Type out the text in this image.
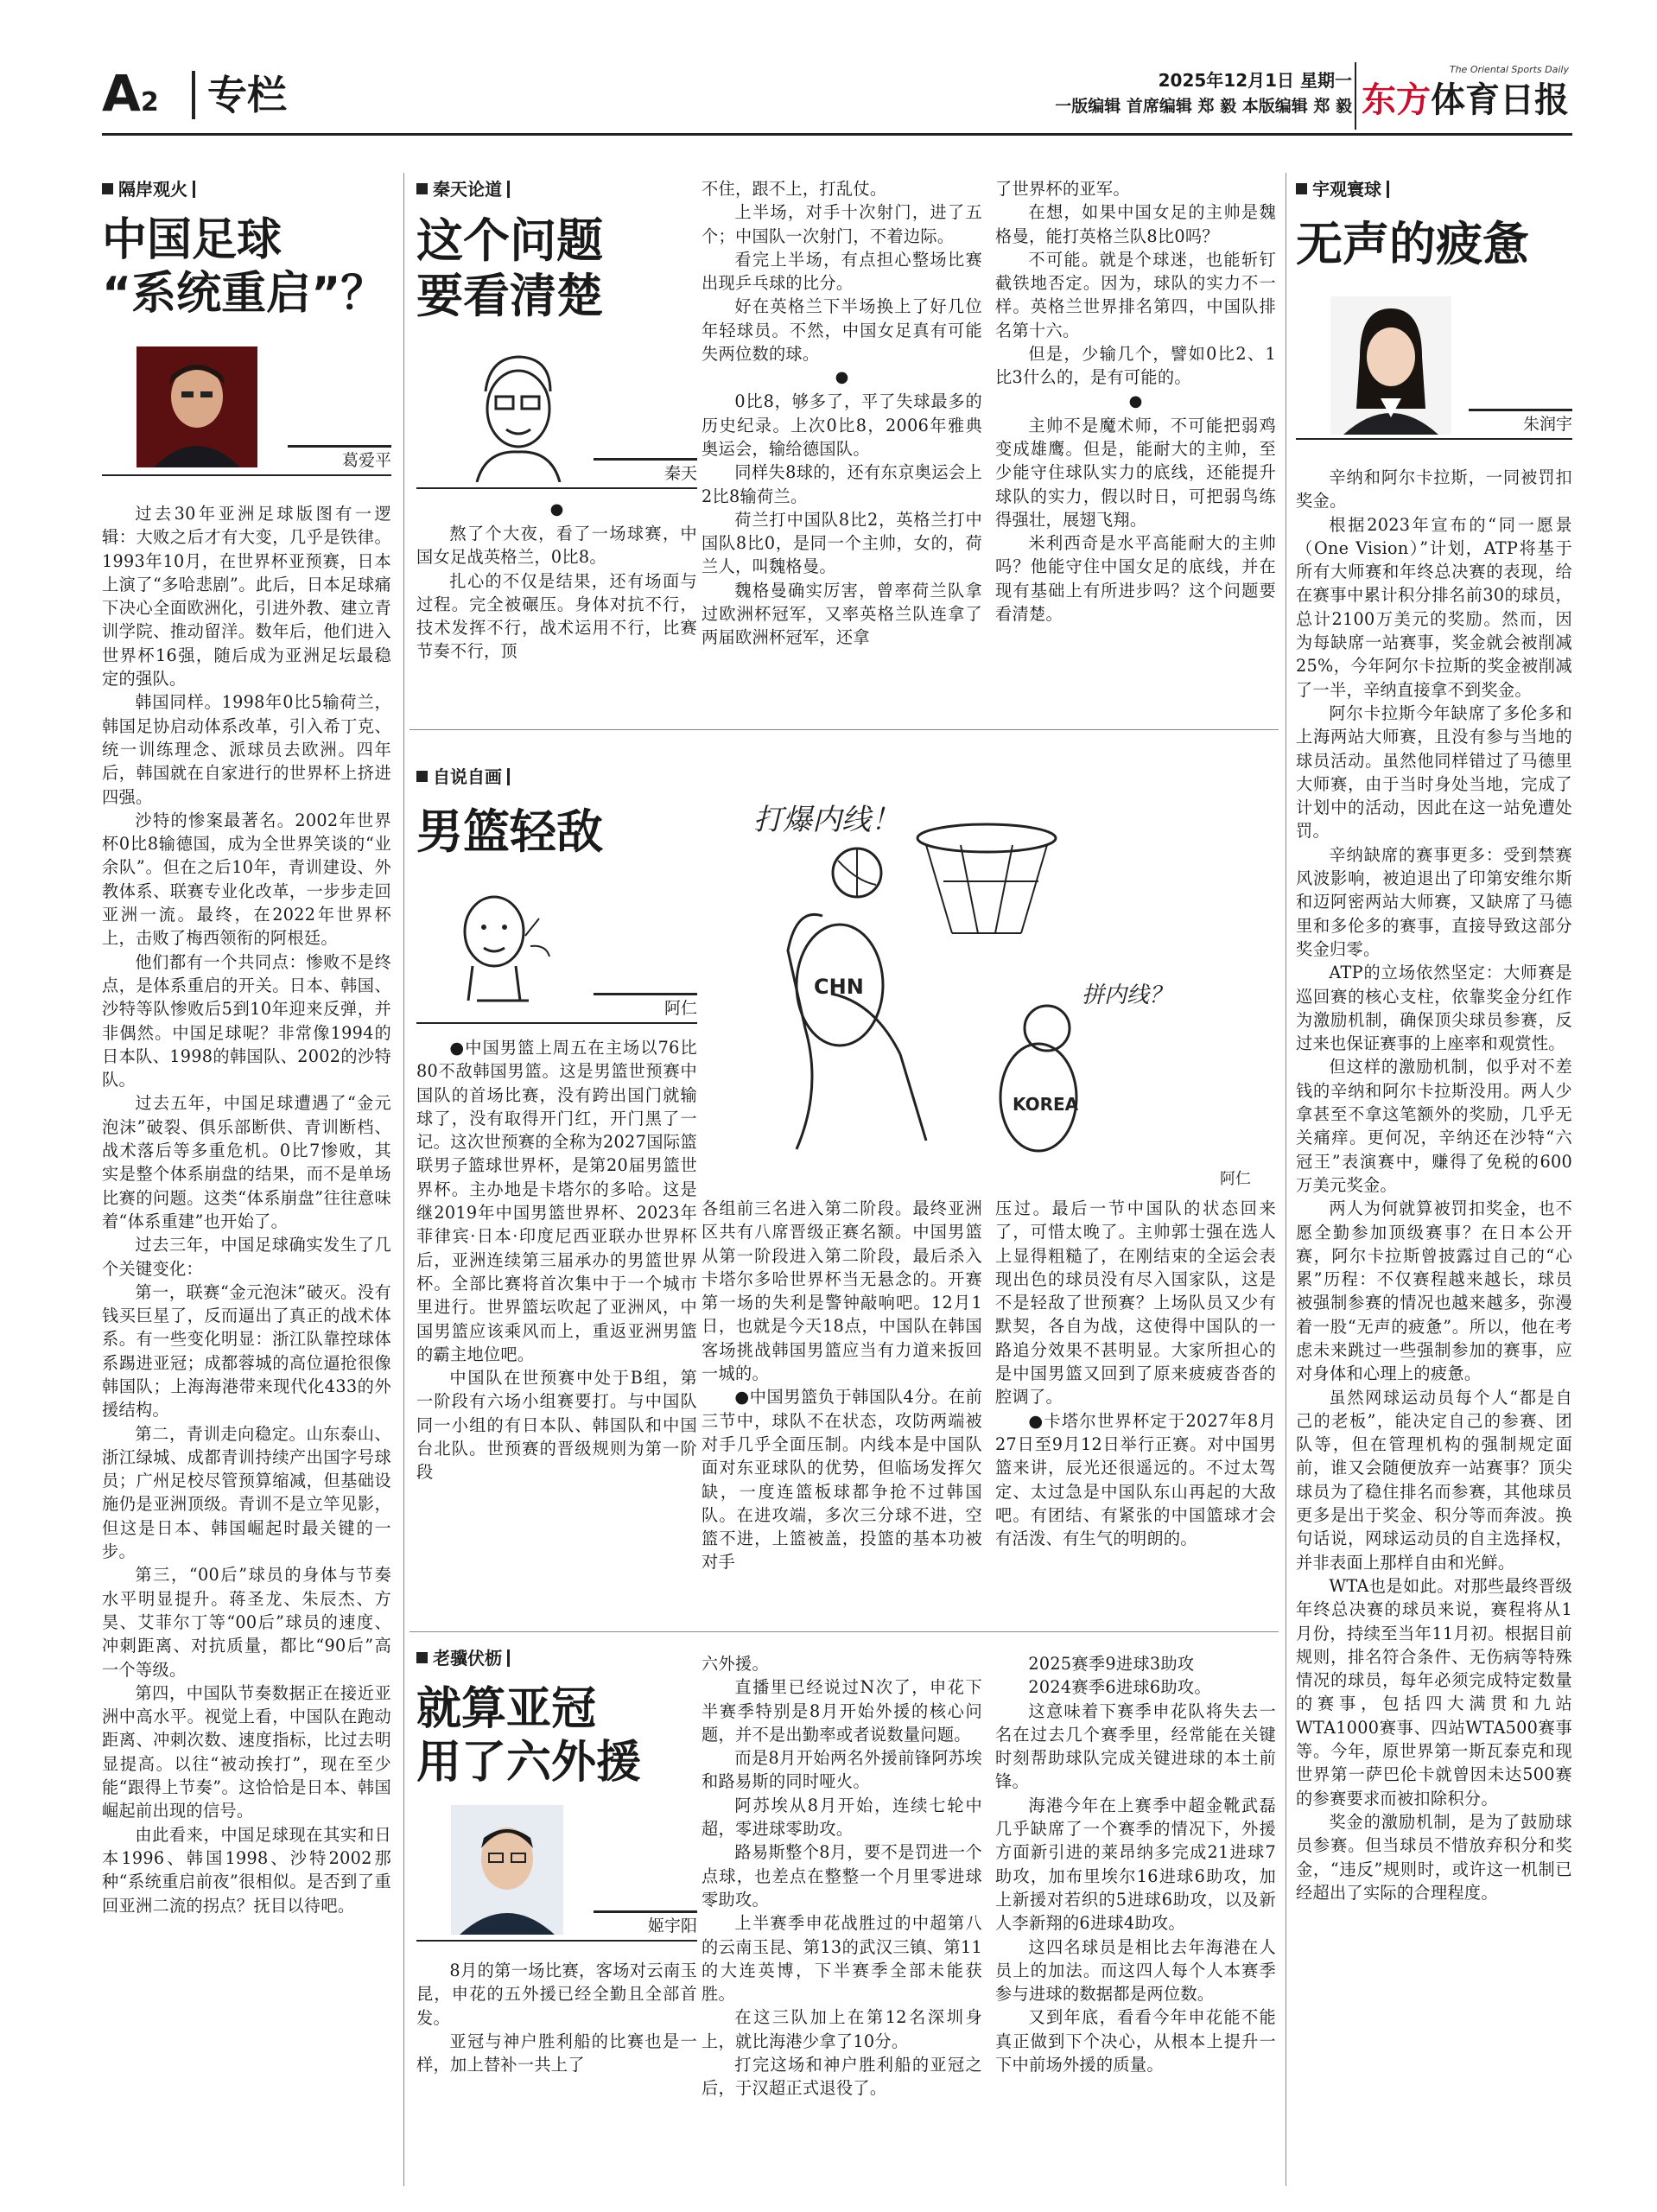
A2	专栏	2025年12月1日 星期一
一版编辑 首席编辑 郑 毅 本版编辑 郑 毅
The Oriental Sports Daily
东方体育日报
隔岸观火
中国足球
“系统重启”？
葛爱平

过去30年亚洲足球版图有一逻辑：大败之后才有大变，几乎是铁律。1993年10月，在世界杯亚预赛，日本上演了“多哈悲剧”。此后，日本足球痛下决心全面欧洲化，引进外教、建立青训学院、推动留洋。数年后，他们进入世界杯16强，随后成为亚洲足坛最稳定的强队。

韩国同样。1998年0比5输荷兰，韩国足协启动体系改革，引入希丁克、统一训练理念、派球员去欧洲。四年后，韩国就在自家进行的世界杯上挤进四强。

沙特的惨案最著名。2002年世界杯0比8输德国，成为全世界笑谈的“业余队”。但在之后10年，青训建设、外教体系、联赛专业化改革，一步步走回亚洲一流。最终，在2022年世界杯上，击败了梅西领衔的阿根廷。

他们都有一个共同点：惨败不是终点，是体系重启的开关。日本、韩国、沙特等队惨败后5到10年迎来反弹，并非偶然。中国足球呢？非常像1994的日本队、1998的韩国队、2002的沙特队。

过去五年，中国足球遭遇了“金元泡沫”破裂、俱乐部断供、青训断档、战术落后等多重危机。0比7惨败，其实是整个体系崩盘的结果，而不是单场比赛的问题。这类“体系崩盘”往往意味着“体系重建”也开始了。

过去三年，中国足球确实发生了几个关键变化：

第一，联赛“金元泡沫”破灭。没有钱买巨星了，反而逼出了真正的战术体系。有一些变化明显：浙江队靠控球体系踢进亚冠；成都蓉城的高位逼抢很像韩国队；上海海港带来现代化433的外援结构。

第二，青训走向稳定。山东泰山、浙江绿城、成都青训持续产出国字号球员；广州足校尽管预算缩减，但基础设施仍是亚洲顶级。青训不是立竿见影，但这是日本、韩国崛起时最关键的一步。

第三，“00后”球员的身体与节奏水平明显提升。蒋圣龙、朱辰杰、方昊、艾菲尔丁等“00后”球员的速度、冲刺距离、对抗质量，都比“90后”高一个等级。

第四，中国队节奏数据正在接近亚洲中高水平。视觉上看，中国队在跑动距离、冲刺次数、速度指标，比过去明显提高。以往“被动挨打”，现在至少能“跟得上节奏”。这恰恰是日本、韩国崛起前出现的信号。

由此看来，中国足球现在其实和日本1996、韩国1998、沙特2002那种“系统重启前夜”很相似。是否到了重回亚洲二流的拐点？抚目以待吧。

秦天论道
这个问题
要看清楚
秦天
●

熬了个大夜，看了一场球赛，中国女足战英格兰，0比8。

扎心的不仅是结果，还有场面与过程。完全被碾压。身体对抗不行，技术发挥不行，战术运用不行，比赛节奏不行，顶

不住，跟不上，打乱仗。

上半场，对手十次射门，进了五个；中国队一次射门，不着边际。

看完上半场，有点担心整场比赛出现乒乓球的比分。

好在英格兰下半场换上了好几位年轻球员。不然，中国女足真有可能失两位数的球。

●

0比8，够多了，平了失球最多的历史纪录。上次0比8，2006年雅典奥运会，输给德国队。

同样失8球的，还有东京奥运会上2比8输荷兰。

荷兰打中国队8比2，英格兰打中国队8比0，是同一个主帅，女的，荷兰人，叫魏格曼。

魏格曼确实厉害，曾率荷兰队拿过欧洲杯冠军，又率英格兰队连拿了两届欧洲杯冠军，还拿

了世界杯的亚军。

在想，如果中国女足的主帅是魏格曼，能打英格兰队8比0吗？

不可能。就是个球迷，也能斩钉截铁地否定。因为，球队的实力不一样。英格兰世界排名第四，中国队排名第十六。

但是，少输几个，譬如0比2、1比3什么的，是有可能的。

●

主帅不是魔术师，不可能把弱鸡变成雄鹰。但是，能耐大的主帅，至少能守住球队实力的底线，还能提升球队的实力，假以时日，可把弱鸟练得强壮，展翅飞翔。

米利西奇是水平高能耐大的主帅吗？他能守住中国女足的底线，并在现有基础上有所进步吗？这个问题要看清楚。

自说自画
男篮轻敌
阿仁

●中国男篮上周五在主场以76比80不敌韩国男篮。这是男篮世预赛中国队的首场比赛，没有跨出国门就输球了，没有取得开门红，开门黑了一记。这次世预赛的全称为2027国际篮联男子篮球世界杯，是第20届男篮世界杯。主办地是卡塔尔的多哈。这是继2019年中国男篮世界杯、2023年菲律宾·日本·印度尼西亚联办世界杯后，亚洲连续第三届承办的男篮世界杯。全部比赛将首次集中于一个城市里进行。世界篮坛吹起了亚洲风，中国男篮应该乘风而上，重返亚洲男篮的霸主地位吧。

中国队在世预赛中处于B组，第一阶段有六场小组赛要打。与中国队同一小组的有日本队、韩国队和中国台北队。世预赛的晋级规则为第一阶段

打爆内线！
CHN
KOREA
拼内线？
阿仁

各组前三名进入第二阶段。最终亚洲区共有八席晋级正赛名额。中国男篮从第一阶段进入第二阶段，最后杀入卡塔尔多哈世界杯当无悬念的。开赛第一场的失利是警钟敲响吧。12月1日，也就是今天18点，中国队在韩国客场挑战韩国男篮应当有力道来扳回一城的。

●中国男篮负于韩国队4分。在前三节中，球队不在状态，攻防两端被对手几乎全面压制。内线本是中国队面对东亚球队的优势，但临场发挥欠缺，一度连篮板球都争抢不过韩国队。在进攻端，多次三分球不进，空篮不进，上篮被盖，投篮的基本功被对手

压过。最后一节中国队的状态回来了，可惜太晚了。主帅郭士强在选人上显得粗糙了，在刚结束的全运会表现出色的球员没有尽入国家队，这是不是轻敌了世预赛？上场队员又少有默契，各自为战，这使得中国队的一路追分效果不甚明显。大家所担心的是中国男篮又回到了原来疲疲沓沓的腔调了。

●卡塔尔世界杯定于2027年8月27日至9月12日举行正赛。对中国男篮来讲，辰光还很遥远的。不过太驾定、太过急是中国队东山再起的大敌吧。有团结、有紧张的中国篮球才会有活泼、有生气的明朗的。

老骥伏枥
就算亚冠
用了六外援
姬宇阳

8月的第一场比赛，客场对云南玉昆，申花的五外援已经全勤且全部首发。

亚冠与神户胜利船的比赛也是一样，加上替补一共上了

六外援。

直播里已经说过N次了，申花下半赛季特别是8月开始外援的核心问题，并不是出勤率或者说数量问题。

而是8月开始两名外援前锋阿苏埃和路易斯的同时哑火。

阿苏埃从8月开始，连续七轮中超，零进球零助攻。

路易斯整个8月，要不是罚进一个点球，也差点在整整一个月里零进球零助攻。

上半赛季申花战胜过的中超第八的云南玉昆、第13的武汉三镇、第11的大连英博，下半赛季全部未能获胜。

在这三队加上在第12名深圳身上，就比海港少拿了10分。

打完这场和神户胜利船的亚冠之后，于汉超正式退役了。

2025赛季9进球3助攻

2024赛季6进球6助攻。

这意味着下赛季申花队将失去一名在过去几个赛季里，经常能在关键时刻帮助球队完成关键进球的本土前锋。

海港今年在上赛季中超金靴武磊几乎缺席了一个赛季的情况下，外援方面新引进的莱昂纳多完成21进球7助攻，加布里埃尔16进球6助攻，加上新援对若织的5进球6助攻，以及新人李新翔的6进球4助攻。

这四名球员是相比去年海港在人员上的加法。而这四人每个人本赛季参与进球的数据都是两位数。

又到年底，看看今年申花能不能真正做到下个决心，从根本上提升一下中前场外援的质量。

宇观寰球
无声的疲惫
朱润宇

辛纳和阿尔卡拉斯，一同被罚扣奖金。

根据2023年宣布的“同一愿景（One Vision）”计划，ATP将基于所有大师赛和年终总决赛的表现，给在赛事中累计积分排名前30的球员，总计2100万美元的奖励。然而，因为每缺席一站赛事，奖金就会被削减25%，今年阿尔卡拉斯的奖金被削减了一半，辛纳直接拿不到奖金。

阿尔卡拉斯今年缺席了多伦多和上海两站大师赛，且没有参与当地的球员活动。虽然他同样错过了马德里大师赛，由于当时身处当地，完成了计划中的活动，因此在这一站免遭处罚。

辛纳缺席的赛事更多：受到禁赛风波影响，被迫退出了印第安维尔斯和迈阿密两站大师赛，又缺席了马德里和多伦多的赛事，直接导致这部分奖金归零。

ATP的立场依然坚定：大师赛是巡回赛的核心支柱，依靠奖金分红作为激励机制，确保顶尖球员参赛，反过来也保证赛事的上座率和观赏性。

但这样的激励机制，似乎对不差钱的辛纳和阿尔卡拉斯没用。两人少拿甚至不拿这笔额外的奖励，几乎无关痛痒。更何况，辛纳还在沙特“六冠王”表演赛中，赚得了免税的600万美元奖金。

两人为何就算被罚扣奖金，也不愿全勤参加顶级赛事？在日本公开赛，阿尔卡拉斯曾披露过自己的“心累”历程：不仅赛程越来越长，球员被强制参赛的情况也越来越多，弥漫着一股“无声的疲惫”。所以，他在考虑未来跳过一些强制参加的赛事，应对身体和心理上的疲惫。

虽然网球运动员每个人“都是自己的老板”，能决定自己的参赛、团队等，但在管理机构的强制规定面前，谁又会随便放弃一站赛事？顶尖球员为了稳住排名而参赛，其他球员更多是出于奖金、积分等而奔波。换句话说，网球运动员的自主选择权，并非表面上那样自由和光鲜。

WTA也是如此。对那些最终晋级年终总决赛的球员来说，赛程将从1月份，持续至当年11月初。根据目前规则，排名符合条件、无伤病等特殊情况的球员，每年必须完成特定数量的赛事，包括四大满贯和九站WTA1000赛事、四站WTA500赛事等。今年，原世界第一斯瓦泰克和现世界第一萨巴伦卡就曾因未达500赛的参赛要求而被扣除积分。

奖金的激励机制，是为了鼓励球员参赛。但当球员不惜放弃积分和奖金，“违反”规则时，或许这一机制已经超出了实际的合理程度。
